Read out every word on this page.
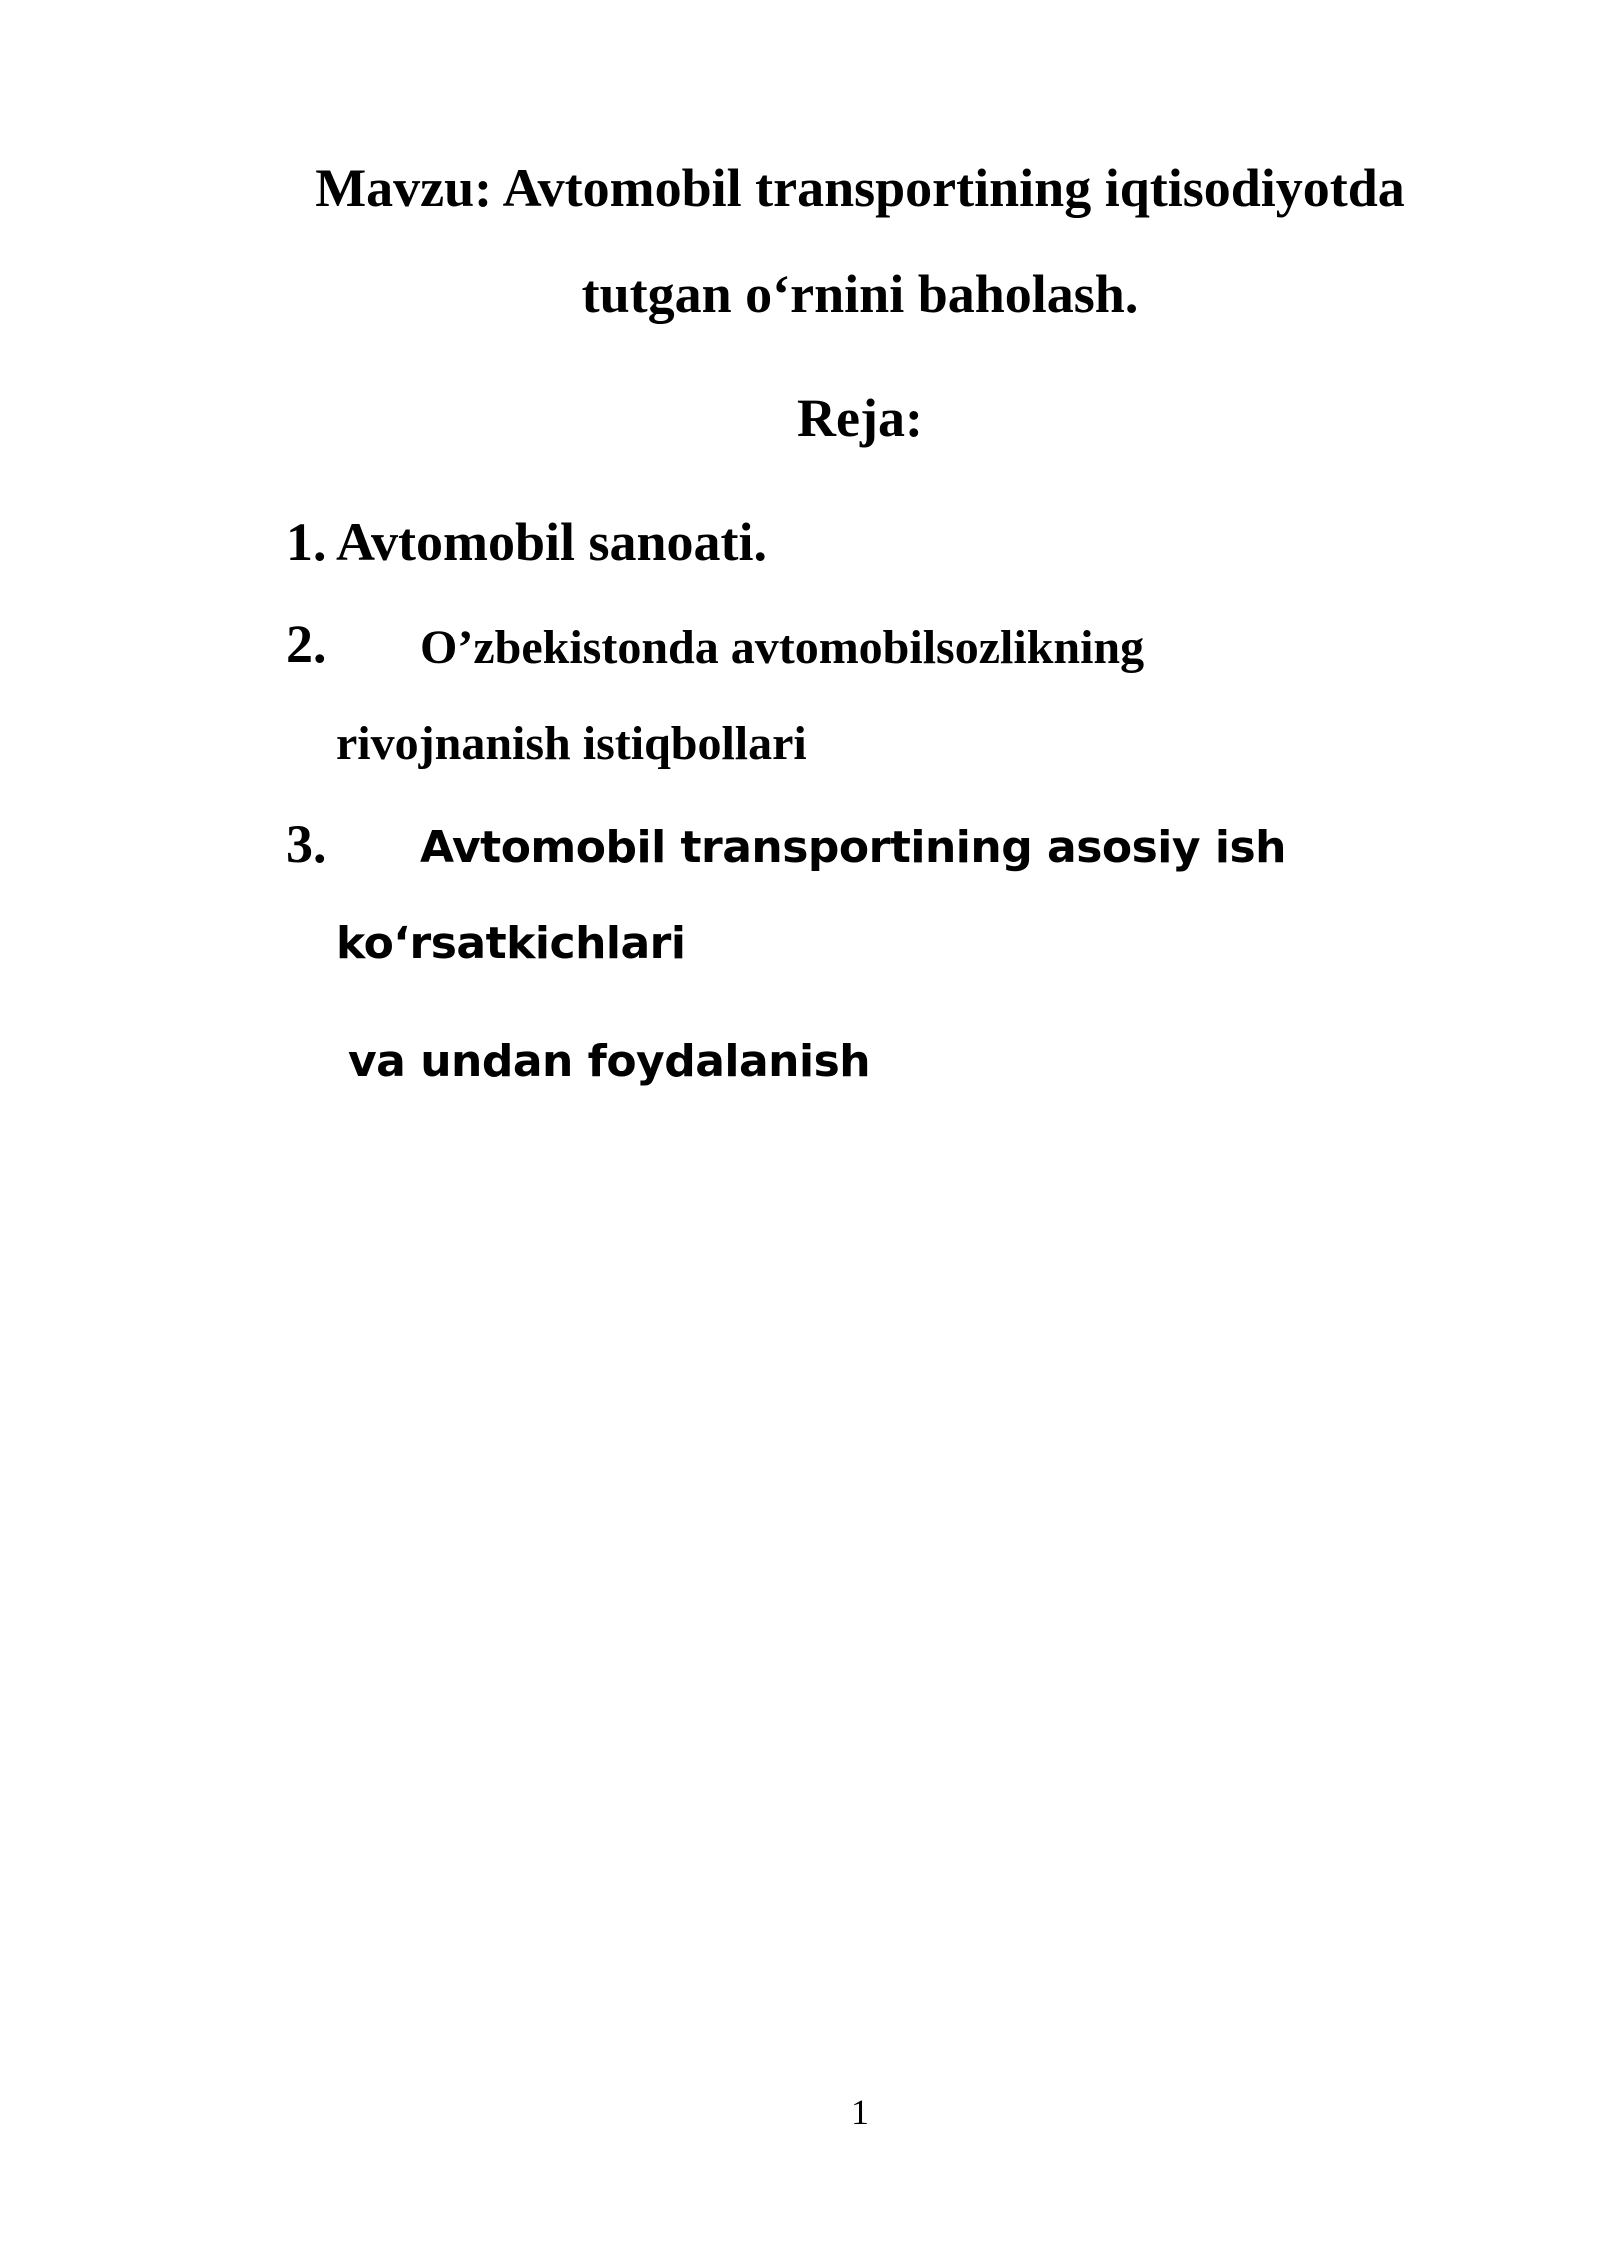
Mavzu: Avtomobil transportining iqtisodiyotda
tutgan o‘rnini baholash.
Reja:
1. Avtomobil sanoati.
2. O’zbekistonda avtomobilsozlikning
rivojnanish istiqbollari
3. Avtomobil transportining asosiy ish
ko‘rsatkichlari
va undan foydalanish
1
